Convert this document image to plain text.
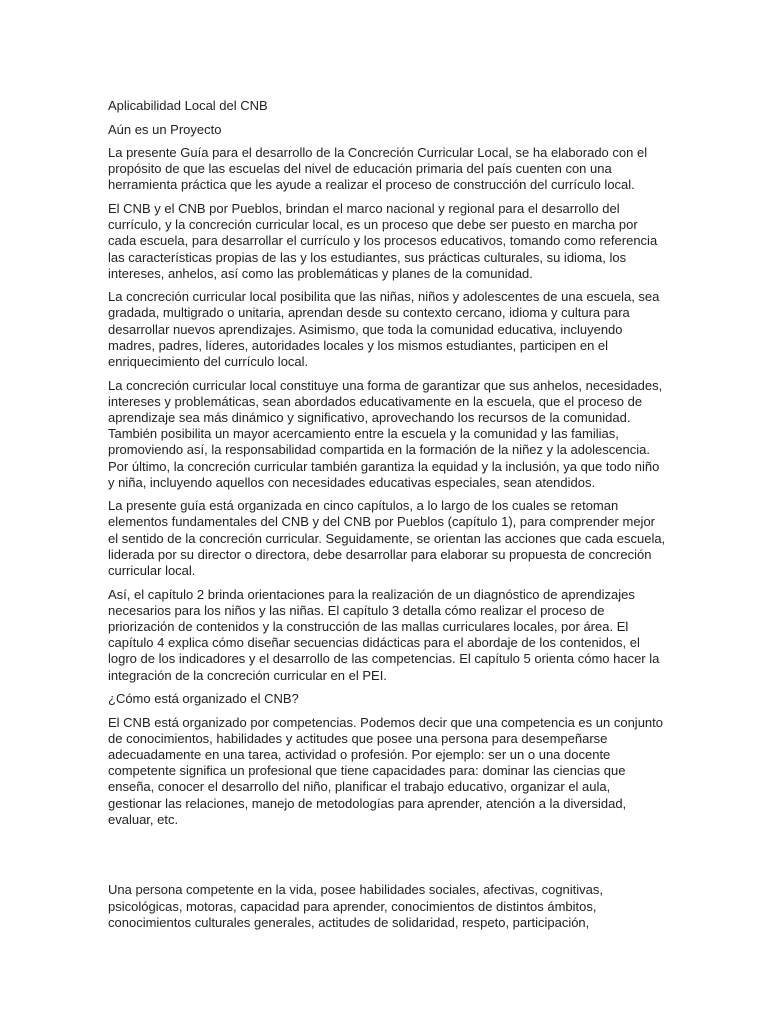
Aplicabilidad Local del CNB

Aún es un Proyecto

La presente Guía para el desarrollo de la Concreción Curricular Local, se ha elaborado con el propósito de que las escuelas del nivel de educación primaria del país cuenten con una herramienta práctica que les ayude a realizar el proceso de construcción del currículo local.

El CNB y el CNB por Pueblos, brindan el marco nacional y regional para el desarrollo del currículo, y la concreción curricular local, es un proceso que debe ser puesto en marcha por cada escuela, para desarrollar el currículo y los procesos educativos, tomando como referencia las características propias de las y los estudiantes, sus prácticas culturales, su idioma, los intereses, anhelos, así como las problemáticas y planes de la comunidad.

La concreción curricular local posibilita que las niñas, niños y adolescentes de una escuela, sea gradada, multigrado o unitaria, aprendan desde su contexto cercano, idioma y cultura para desarrollar nuevos aprendizajes. Asimismo, que toda la comunidad educativa, incluyendo madres, padres, líderes, autoridades locales y los mismos estudiantes, participen en el enriquecimiento del currículo local.

La concreción curricular local constituye una forma de garantizar que sus anhelos, necesidades, intereses y problemáticas, sean abordados educativamente en la escuela, que el proceso de aprendizaje sea más dinámico y significativo, aprovechando los recursos de la comunidad. También posibilita un mayor acercamiento entre la escuela y la comunidad y las familias, promoviendo así, la responsabilidad compartida en la formación de la niñez y la adolescencia. Por último, la concreción curricular también garantiza la equidad y la inclusión, ya que todo niño y niña, incluyendo aquellos con necesidades educativas especiales, sean atendidos.

La presente guía está organizada en cinco capítulos, a lo largo de los cuales se retoman elementos fundamentales del CNB y del CNB por Pueblos (capítulo 1), para comprender mejor el sentido de la concreción curricular. Seguidamente, se orientan las acciones que cada escuela, liderada por su director o directora, debe desarrollar para elaborar su propuesta de concreción curricular local.

Así, el capítulo 2 brinda orientaciones para la realización de un diagnóstico de aprendizajes necesarios para los niños y las niñas. El capítulo 3 detalla cómo realizar el proceso de priorización de contenidos y la construcción de las mallas curriculares locales, por área. El capítulo 4 explica cómo diseñar secuencias didácticas para el abordaje de los contenidos, el logro de los indicadores y el desarrollo de las competencias. El capítulo 5 orienta cómo hacer la integración de la concreción curricular en el PEI.

¿Cómo está organizado el CNB?

El CNB está organizado por competencias. Podemos decir que una competencia es un conjunto de conocimientos, habilidades y actitudes que posee una persona para desempeñarse adecuadamente en una tarea, actividad o profesión. Por ejemplo: ser un o una docente competente significa un profesional que tiene capacidades para: dominar las ciencias que enseña, conocer el desarrollo del niño, planificar el trabajo educativo, organizar el aula, gestionar las relaciones, manejo de metodologías para aprender, atención a la diversidad, evaluar, etc.

Una persona competente en la vida, posee habilidades sociales, afectivas, cognitivas, psicológicas, motoras, capacidad para aprender, conocimientos de distintos ámbitos, conocimientos culturales generales, actitudes de solidaridad, respeto, participación,
